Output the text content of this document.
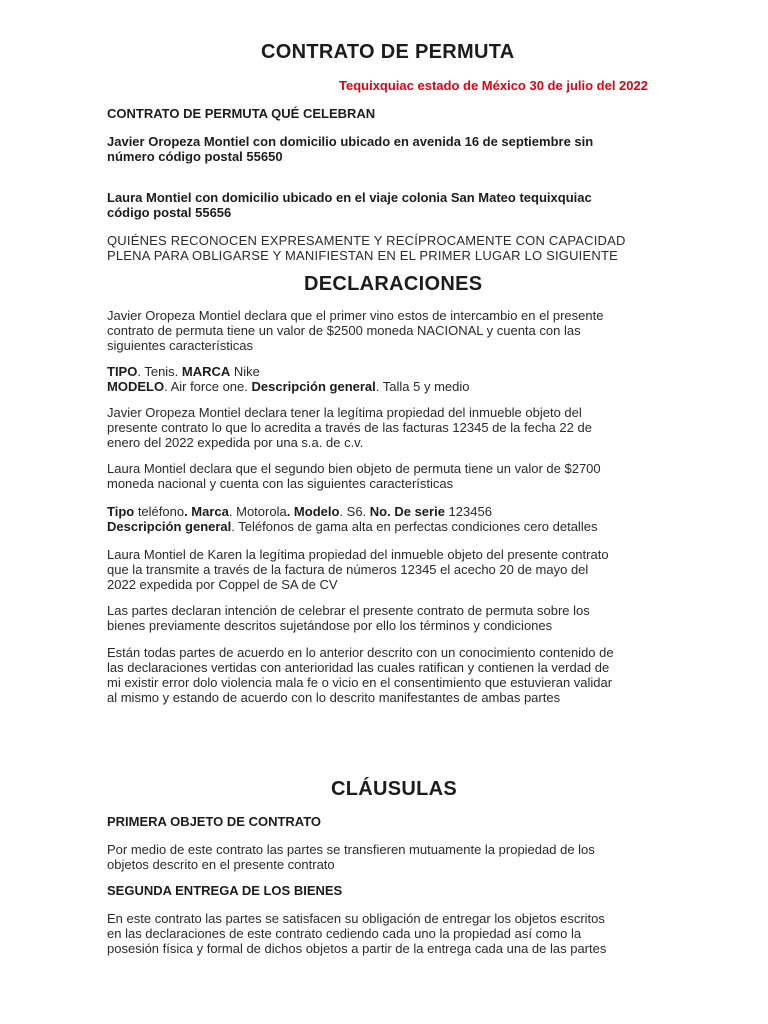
CONTRATO DE PERMUTA

Tequixquiac estado de México 30 de julio del 2022

CONTRATO DE PERMUTA QUÉ CELEBRAN

Javier Oropeza Montiel con domicilio ubicado en avenida 16 de septiembre sin
número código postal 55650

Laura Montiel con domicilio ubicado en el viaje colonia San Mateo tequixquiac
código postal 55656

QUIÉNES RECONOCEN EXPRESAMENTE Y RECÍPROCAMENTE CON CAPACIDAD
PLENA PARA OBLIGARSE Y MANIFIESTAN EN EL PRIMER LUGAR LO SIGUIENTE

DECLARACIONES

Javier Oropeza Montiel declara que el primer vino estos de intercambio en el presente
contrato de permuta tiene un valor de $2500 moneda NACIONAL y cuenta con las
siguientes características

TIPO. Tenis. MARCA Nike
MODELO. Air force one. Descripción general. Talla 5 y medio

Javier Oropeza Montiel declara tener la legítima propiedad del inmueble objeto del
presente contrato lo que lo acredita a través de las facturas 12345 de la fecha 22 de
enero del 2022 expedida por una s.a. de c.v.

Laura Montiel declara que el segundo bien objeto de permuta tiene un valor de $2700
moneda nacional y cuenta con las siguientes características

Tipo teléfono. Marca. Motorola. Modelo. S6. No. De serie 123456
Descripción general. Teléfonos de gama alta en perfectas condiciones cero detalles

Laura Montiel de Karen la legítima propiedad del inmueble objeto del presente contrato
que la transmite a través de la factura de números 12345 el acecho 20 de mayo del
2022 expedida por Coppel de SA de CV

Las partes declaran intención de celebrar el presente contrato de permuta sobre los
bienes previamente descritos sujetándose por ello los términos y condiciones

Están todas partes de acuerdo en lo anterior descrito con un conocimiento contenido de
las declaraciones vertidas con anterioridad las cuales ratifican y contienen la verdad de
mi existir error dolo violencia mala fe o vicio en el consentimiento que estuvieran validar
al mismo y estando de acuerdo con lo descrito manifestantes de ambas partes

CLÁUSULAS

PRIMERA OBJETO DE CONTRATO

Por medio de este contrato las partes se transfieren mutuamente la propiedad de los
objetos descrito en el presente contrato

SEGUNDA ENTREGA DE LOS BIENES

En este contrato las partes se satisfacen su obligación de entregar los objetos escritos
en las declaraciones de este contrato cediendo cada uno la propiedad así como la
posesión física y formal de dichos objetos a partir de la entrega cada una de las partes
